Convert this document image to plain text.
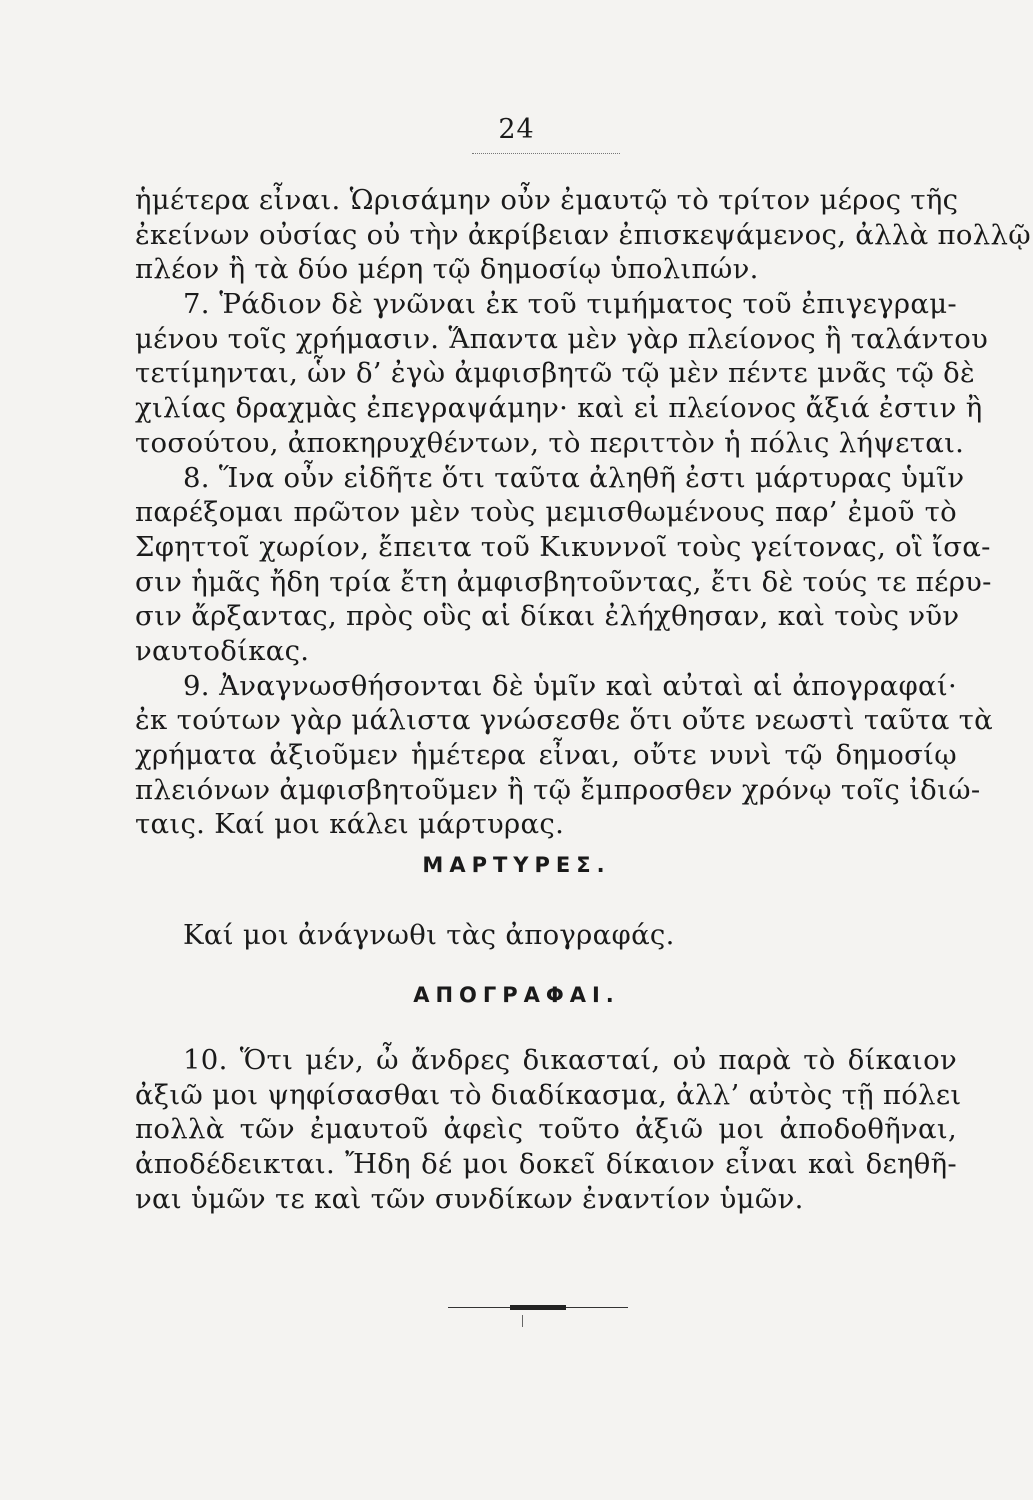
24
ἡμέτερα εἶναι. Ὡρισάμην οὖν ἐμαυτῷ τὸ τρίτον μέρος τῆς
ἐκείνων οὐσίας οὐ τὴν ἀκρίβειαν ἐπισκεψάμενος, ἀλλὰ πολλῷ
πλέον ἢ τὰ δύο μέρη τῷ δημοσίῳ ὑπολιπών.
7. Ῥάδιον δὲ γνῶναι ἐκ τοῦ τιμήματος τοῦ ἐπιγεγραμ-
μένου τοῖς χρήμασιν. Ἅπαντα μὲν γὰρ πλείονος ἢ ταλάντου
τετίμηνται, ὧν δ’ ἐγὼ ἀμφισβητῶ τῷ μὲν πέντε μνᾶς τῷ δὲ
χιλίας δραχμὰς ἐπεγραψάμην· καὶ εἰ πλείονος ἄξιά ἐστιν ἢ
τοσούτου, ἀποκηρυχθέντων, τὸ περιττὸν ἡ πόλις λήψεται.
8. Ἵνα οὖν εἰδῆτε ὅτι ταῦτα ἀληθῆ ἐστι μάρτυρας ὑμῖν
παρέξομαι πρῶτον μὲν τοὺς μεμισθωμένους παρ’ ἐμοῦ τὸ
Σφηττοῖ χωρίον, ἔπειτα τοῦ Κικυννοῖ τοὺς γείτονας, οἳ ἴσα-
σιν ἡμᾶς ἤδη τρία ἔτη ἀμφισβητοῦντας, ἔτι δὲ τούς τε πέρυ-
σιν ἄρξαντας, πρὸς οὓς αἱ δίκαι ἐλήχθησαν, καὶ τοὺς νῦν
ναυτοδίκας.
9. Ἀναγνωσθήσονται δὲ ὑμῖν καὶ αὐταὶ αἱ ἀπογραφαί·
ἐκ τούτων γὰρ μάλιστα γνώσεσθε ὅτι οὔτε νεωστὶ ταῦτα τὰ
χρήματα ἀξιοῦμεν ἡμέτερα εἶναι, οὔτε νυνὶ τῷ δημοσίῳ
πλειόνων ἀμφισβητοῦμεν ἢ τῷ ἔμπροσθεν χρόνῳ τοῖς ἰδιώ-
ταις. Καί μοι κάλει μάρτυρας.
ΜΑΡΤΥΡΕΣ.
Καί μοι ἀνάγνωθι τὰς ἀπογραφάς.
ΑΠΟΓΡΑΦΑΙ.
10. Ὅτι μέν, ὦ ἄνδρες δικασταί, οὐ παρὰ τὸ δίκαιον
ἀξιῶ μοι ψηφίσασθαι τὸ διαδίκασμα, ἀλλ’ αὐτὸς τῇ πόλει
πολλὰ τῶν ἐμαυτοῦ ἀφεὶς τοῦτο ἀξιῶ μοι ἀποδοθῆναι,
ἀποδέδεικται. Ἤδη δέ μοι δοκεῖ δίκαιον εἶναι καὶ δεηθῆ-
ναι ὑμῶν τε καὶ τῶν συνδίκων ἐναντίον ὑμῶν.
